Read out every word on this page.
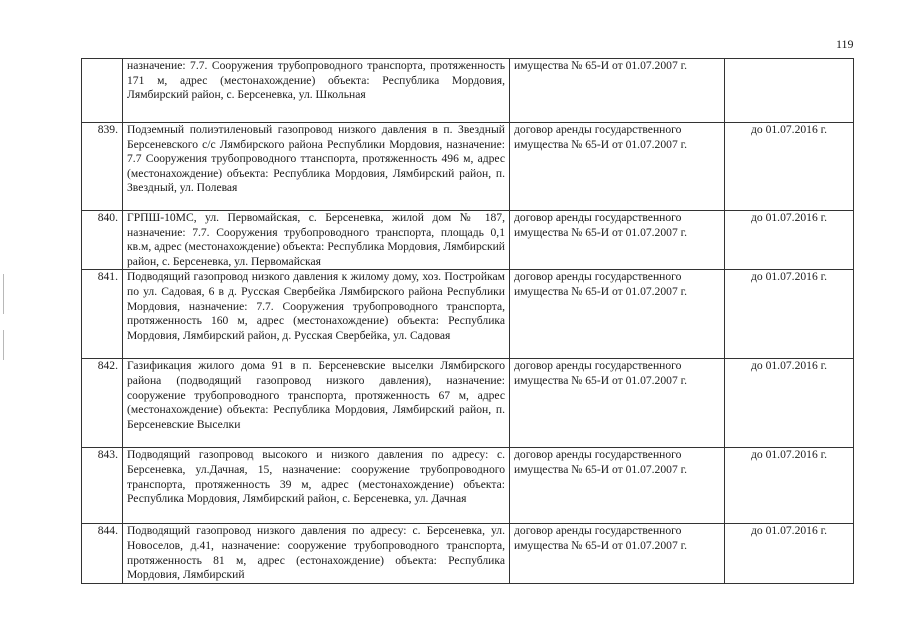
119
	назначение: 7.7. Сооружения трубопроводного транспорта, протяженность 171 м, адрес (местонахождение) объекта: Республика Мордовия, Лямбирский район, с. Берсеневка, ул. Школьная	имущества № 65-И от 01.07.2007 г.	

839.	Подземный полиэтиленовый газопровод низкого давления в п. Звездный Берсеневского с/с Лямбирского района Республики Мордовия, назначение: 7.7 Сооружения трубопроводного ттанспорта, протяженность 496 м, адрес (местонахождение) объекта: Республика Мордовия, Лямбирский район, п. Звездный, ул. Полевая	договор аренды государственного
имущества № 65-И от 01.07.2007 г.	до 01.07.2016 г.
840.	ГРПШ-10МС, ул. Первомайская, с. Берсеневка, жилой дом № 187, назначение: 7.7. Сооружения трубопроводного транспорта, площадь 0,1 кв.м, адрес (местонахождение) объекта: Республика Мордовия, Лямбирский район, с. Берсеневка, ул. Первомайская	договор аренды государственного
имущества № 65-И от 01.07.2007 г.	до 01.07.2016 г.
841.	Подводящий газопровод низкого давления к жилому дому, хоз. Постройкам по ул. Садовая, 6 в д. Русская Свербейка Лямбирского района Республики Мордовия, назначение: 7.7. Сооружения трубопроводного транспорта, протяженность 160 м, адрес (местонахождение) объекта: Республика Мордовия, Лямбирский район, д. Русская Свербейка, ул. Садовая	договор аренды государственного
имущества № 65-И от 01.07.2007 г.	до 01.07.2016 г.
842.	Газификация жилого дома 91 в п. Берсеневские выселки Лямбирского района (подводящий газопровод низкого давления), назначение: сооружение трубопроводного транспорта, протяженность 67 м, адрес (местонахождение) объекта: Республика Мордовия, Лямбирский район, п. Берсеневские Выселки	договор аренды государственного
имущества № 65-И от 01.07.2007 г.	до 01.07.2016 г.
843.	Подводящий газопровод высокого и низкого давления по адресу: с. Берсеневка, ул.Дачная, 15, назначение: сооружение трубопроводного транспорта, протяженность 39 м, адрес (местонахождение) объекта: Республика Мордовия, Лямбирский район, с. Берсеневка, ул. Дачная	договор аренды государственного
имущества № 65-И от 01.07.2007 г.	до 01.07.2016 г.
844.	Подводящий газопровод низкого давления по адресу: с. Берсеневка, ул. Новоселов, д.41, назначение: сооружение трубопроводного транспорта, протяженность 81 м, адрес (естонахождение) объекта: Республика Мордовия, Лямбирский	договор аренды государственного
имущества № 65-И от 01.07.2007 г.	до 01.07.2016 г.
